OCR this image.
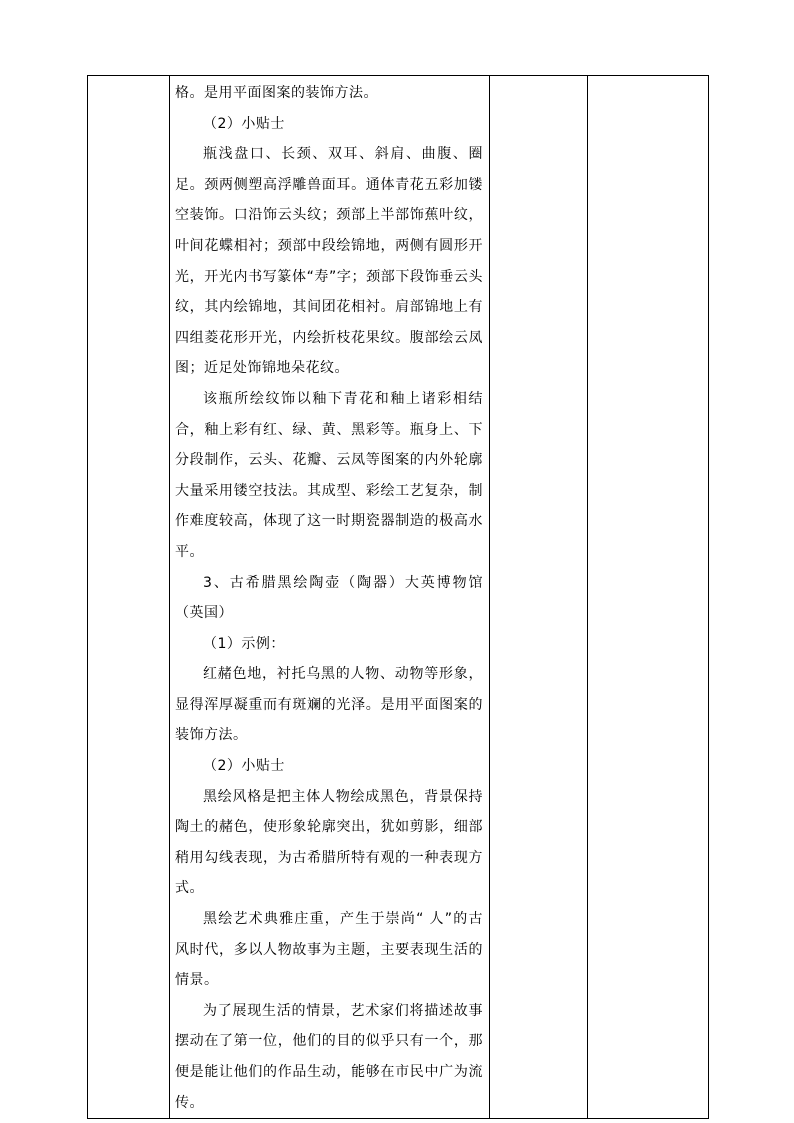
格。是用平面图案的装饰方法。

（2）小贴士

瓶浅盘口、长颈、双耳、斜肩、曲腹、圈足。颈两侧塑高浮雕兽面耳。通体青花五彩加镂空装饰。口沿饰云头纹；颈部上半部饰蕉叶纹，叶间花蝶相衬；颈部中段绘锦地，两侧有圆形开光，开光内书写篆体“寿”字；颈部下段饰垂云头纹，其内绘锦地，其间团花相衬。肩部锦地上有四组菱花形开光，内绘折枝花果纹。腹部绘云凤图；近足处饰锦地朵花纹。

该瓶所绘纹饰以釉下青花和釉上诸彩相结合，釉上彩有红、绿、黄、黑彩等。瓶身上、下分段制作，云头、花瓣、云凤等图案的内外轮廓大量采用镂空技法。其成型、彩绘工艺复杂，制作难度较高，体现了这一时期瓷器制造的极高水平。

3、古希腊黑绘陶壶（陶器）大英博物馆（英国）

（1）示例：

红赭色地，衬托乌黑的人物、动物等形象，显得浑厚凝重而有斑斓的光泽。是用平面图案的装饰方法。

（2）小贴士

黑绘风格是把主体人物绘成黑色，背景保持陶土的赭色，使形象轮廓突出，犹如剪影，细部稍用勾线表现，为古希腊所特有观的一种表现方式。

黑绘艺术典雅庄重，产生于崇尚“ 人”的古风时代，多以人物故事为主题，主要表现生活的情景。

为了展现生活的情景，艺术家们将描述故事摆动在了第一位，他们的目的似乎只有一个，那便是能让他们的作品生动，能够在市民中广为流传。
